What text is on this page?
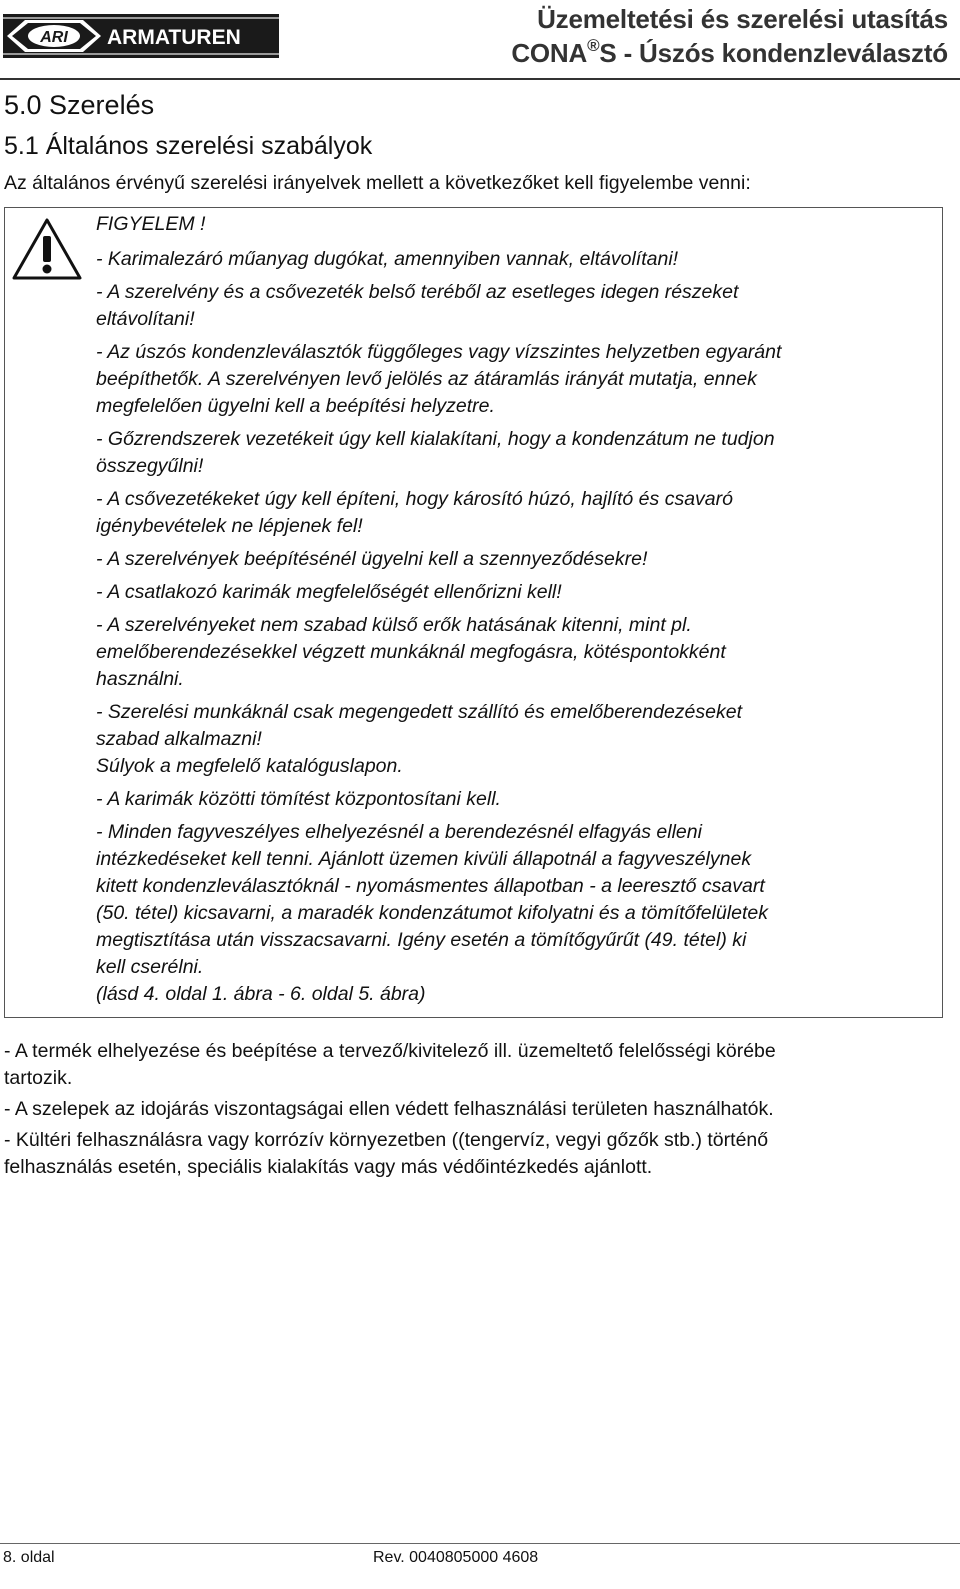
ARI ARMATUREN
Üzemeltetési és szerelési utasítás
CONA®S - Úszós kondenzleválasztó
5.0 Szerelés
5.1 Általános szerelési szabályok
Az általános érvényű szerelési irányelvek mellett a következőket kell figyelembe venni:
FIGYELEM !
- Karimalezáró műanyag dugókat, amennyiben vannak, eltávolítani!
- A szerelvény és a csővezeték belső teréből az esetleges idegen részeket
eltávolítani!
- Az úszós kondenzleválasztók függőleges vagy vízszintes helyzetben egyaránt
beépíthetők. A szerelvényen levő jelölés az átáramlás irányát mutatja, ennek
megfelelően ügyelni kell a beépítési helyzetre.
- Gőzrendszerek vezetékeit úgy kell kialakítani, hogy a kondenzátum ne tudjon
összegyűlni!
- A csővezetékeket úgy kell építeni, hogy károsító húzó, hajlító és csavaró
igénybevételek ne lépjenek fel!
- A szerelvények beépítésénél ügyelni kell a szennyeződésekre!
- A csatlakozó karimák megfelelőségét ellenőrizni kell!
- A szerelvényeket nem szabad külső erők hatásának kitenni, mint pl.
emelőberendezésekkel végzett munkáknál megfogásra, kötéspontokként
használni.
- Szerelési munkáknál csak megengedett szállító és emelőberendezéseket
szabad alkalmazni!
Súlyok a megfelelő katalóguslapon.
- A karimák közötti tömítést központosítani kell.
- Minden fagyveszélyes elhelyezésnél a berendezésnél elfagyás elleni
intézkedéseket kell tenni. Ajánlott üzemen kivüli állapotnál a fagyveszélynek
kitett kondenzleválasztóknál - nyomásmentes állapotban - a leeresztő csavart
(50. tétel) kicsavarni, a maradék kondenzátumot kifolyatni és a tömítőfelületek
megtisztítása után visszacsavarni. Igény esetén a tömítőgyűrűt (49. tétel) ki
kell cserélni.
(lásd 4. oldal 1. ábra - 6. oldal 5. ábra)
- A termék elhelyezése és beépítése a tervező/kivitelező ill. üzemeltető felelősségi körébe
tartozik.
- A szelepek az idojárás viszontagságai ellen védett felhasználási területen használhatók.
- Kültéri felhasználásra vagy korrózív környezetben ((tengervíz, vegyi gőzők stb.) történő
felhasználás esetén, speciális kialakítás vagy más védőintézkedés ajánlott.
8. oldal	Rev. 0040805000 4608
